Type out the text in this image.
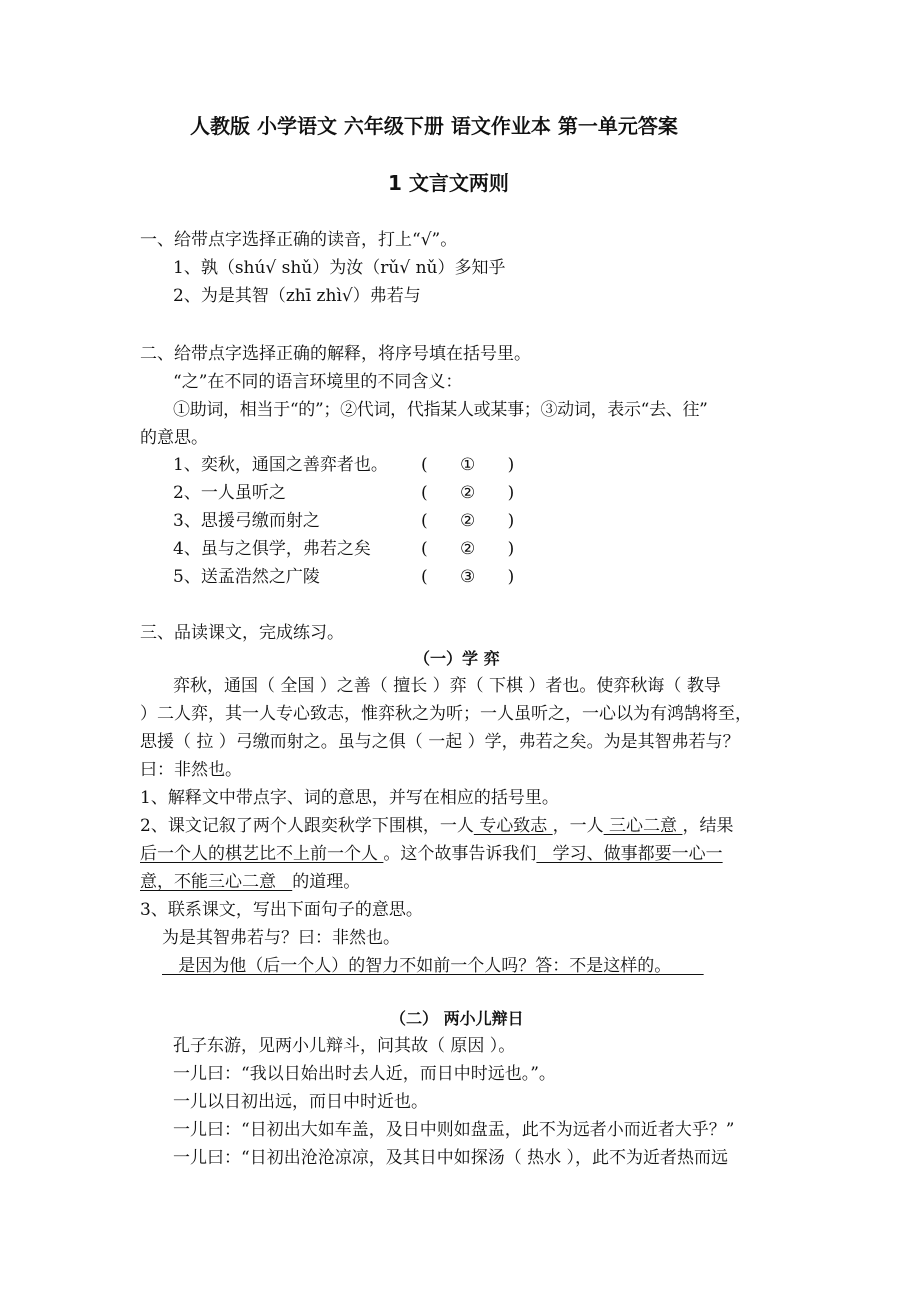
人教版 小学语文 六年级下册 语文作业本 第一单元答案
1 文言文两则
一、给带点字选择正确的读音，打上“√”。
1、孰（shú√ shǔ）为汝（rǔ√ nǔ）多知乎
2、为是其智（zhī zhì√）弗若与
二、给带点字选择正确的解释，将序号填在括号里。
“之”在不同的语言环境里的不同含义：
①助词，相当于“的”；②代词，代指某人或某事；③动词，表示“去、往”
的意思。
1、奕秋，通国之善弈者也。 ( ① )
2、一人虽听之	( ② )
3、思援弓缴而射之	( ② )
4、虽与之俱学，弗若之矣	( ② )
5、送孟浩然之广陵	( ③ )
三、品读课文，完成练习。
（一）学 弈
弈秋，通国（ 全国 ）之善（ 擅长 ）弈（ 下棋 ）者也。使弈秋诲（ 教导
）二人弈，其一人专心致志，惟弈秋之为听；一人虽听之，一心以为有鸿鹄将至，
思援（ 拉 ）弓缴而射之。虽与之俱（ 一起 ）学，弗若之矣。为是其智弗若与？
曰：非然也。
1、解释文中带点字、词的意思，并写在相应的括号里。
2、课文记叙了两个人跟奕秋学下围棋，一人 专心致志 ，一人 三心二意 ，结果
后一个人的棋艺比不上前一个人 。这个故事告诉我们   学习、做事都要一心一
意，不能三心二意   的道理。
3、联系课文，写出下面句子的意思。
为是其智弗若与？曰：非然也。
是因为他（后一个人）的智力不如前一个人吗？答：不是这样的。
（二） 两小儿辩日
孔子东游，见两小儿辩斗，问其故（ 原因 ）。
一儿曰：“我以日始出时去人近，而日中时远也。”。
一儿以日初出远，而日中时近也。
一儿曰：“日初出大如车盖，及日中则如盘盂，此不为远者小而近者大乎？”
一儿曰：“日初出沧沧凉凉，及其日中如探汤（ 热水 ），此不为近者热而远
